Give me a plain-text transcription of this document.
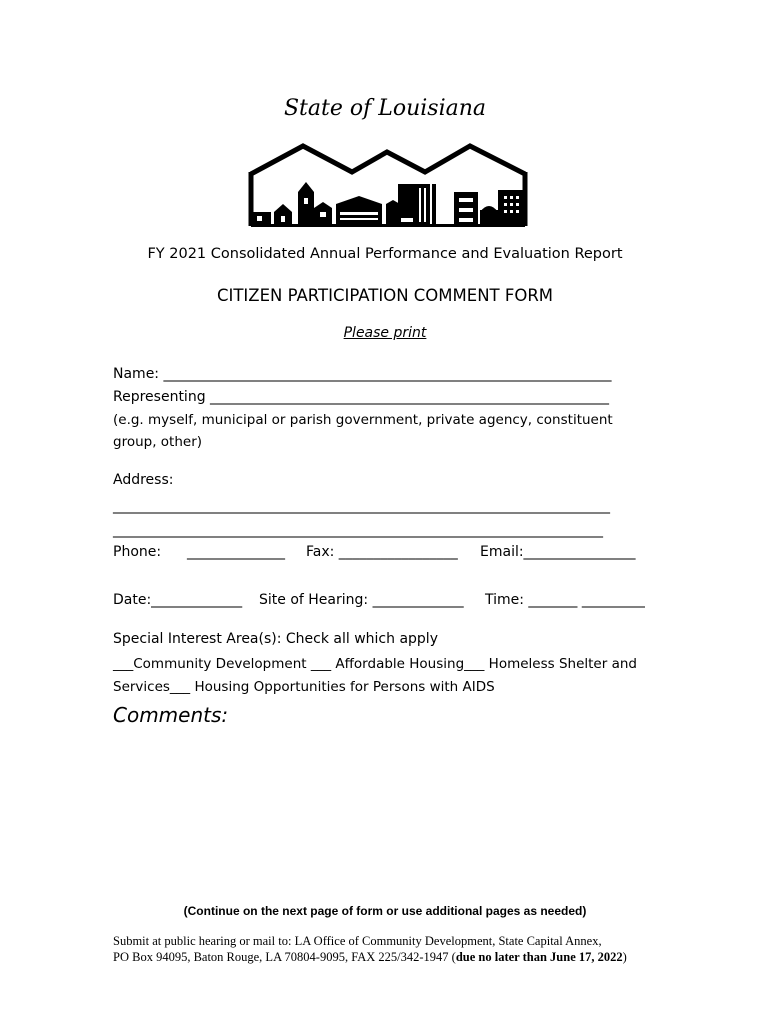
State of Louisiana
FY 2021 Consolidated Annual Performance and Evaluation Report
CITIZEN PARTICIPATION COMMENT FORM
Please print
Name: ________________________________________________________________
Representing _________________________________________________________
(e.g. myself, municipal or parish government, private agency, constituent
group, other)
Address:
_______________________________________________________________________
______________________________________________________________________
Phone: ______________ Fax: _________________ Email:________________
Date:_____________ Site of Hearing: _____________ Time: _______ _________
Special Interest Area(s): Check all which apply
___Community Development ___ Affordable Housing___ Homeless Shelter and
Services___ Housing Opportunities for Persons with AIDS
Comments:
(Continue on the next page of form or use additional pages as needed)
Submit at public hearing or mail to: LA Office of Community Development, State Capital Annex,
PO Box 94095, Baton Rouge, LA 70804-9095, FAX 225/342-1947 (due no later than June 17, 2022)
